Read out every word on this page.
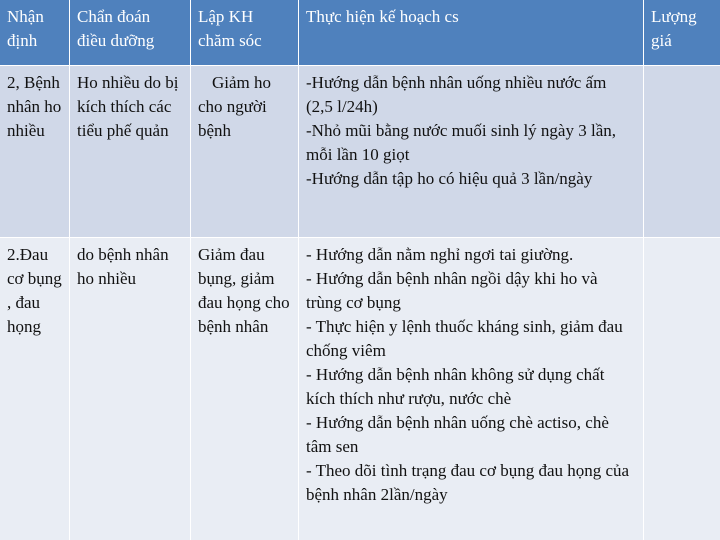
Nhận định
Chẩn đoán điều dưỡng
Lập KH chăm sóc
Thực hiện kế hoạch cs	Lượng giá
2, Bệnh nhân ho nhiều
Ho nhiều do bị kích thích các tiểu phế quản
Giảm ho cho người bệnh
-Hướng dẫn bệnh nhân uống nhiều nước ấm (2,5 l/24h)
-Nhỏ mũi bằng nước muối sinh lý ngày 3 lần, mỗi lần 10 giọt
-Hướng dẫn tập ho có hiệu quả 3 lần/ngày
2.Đau cơ bụng , đau họng
do bệnh nhân ho nhiều
Giảm đau bụng, giảm đau họng cho bệnh nhân
- Hướng dẫn nằm nghỉ ngơi tai giường.
- Hướng dẫn bệnh nhân ngồi dậy khi ho và trùng cơ bụng
- Thực hiện y lệnh thuốc kháng sinh, giảm đau chống viêm
- Hướng dẫn bệnh nhân không sử dụng chất kích thích như rượu, nước chè
- Hướng dẫn bệnh nhân uống chè actiso, chè tâm sen
- Theo dõi tình trạng đau cơ bụng đau họng của bệnh nhân 2lần/ngày
